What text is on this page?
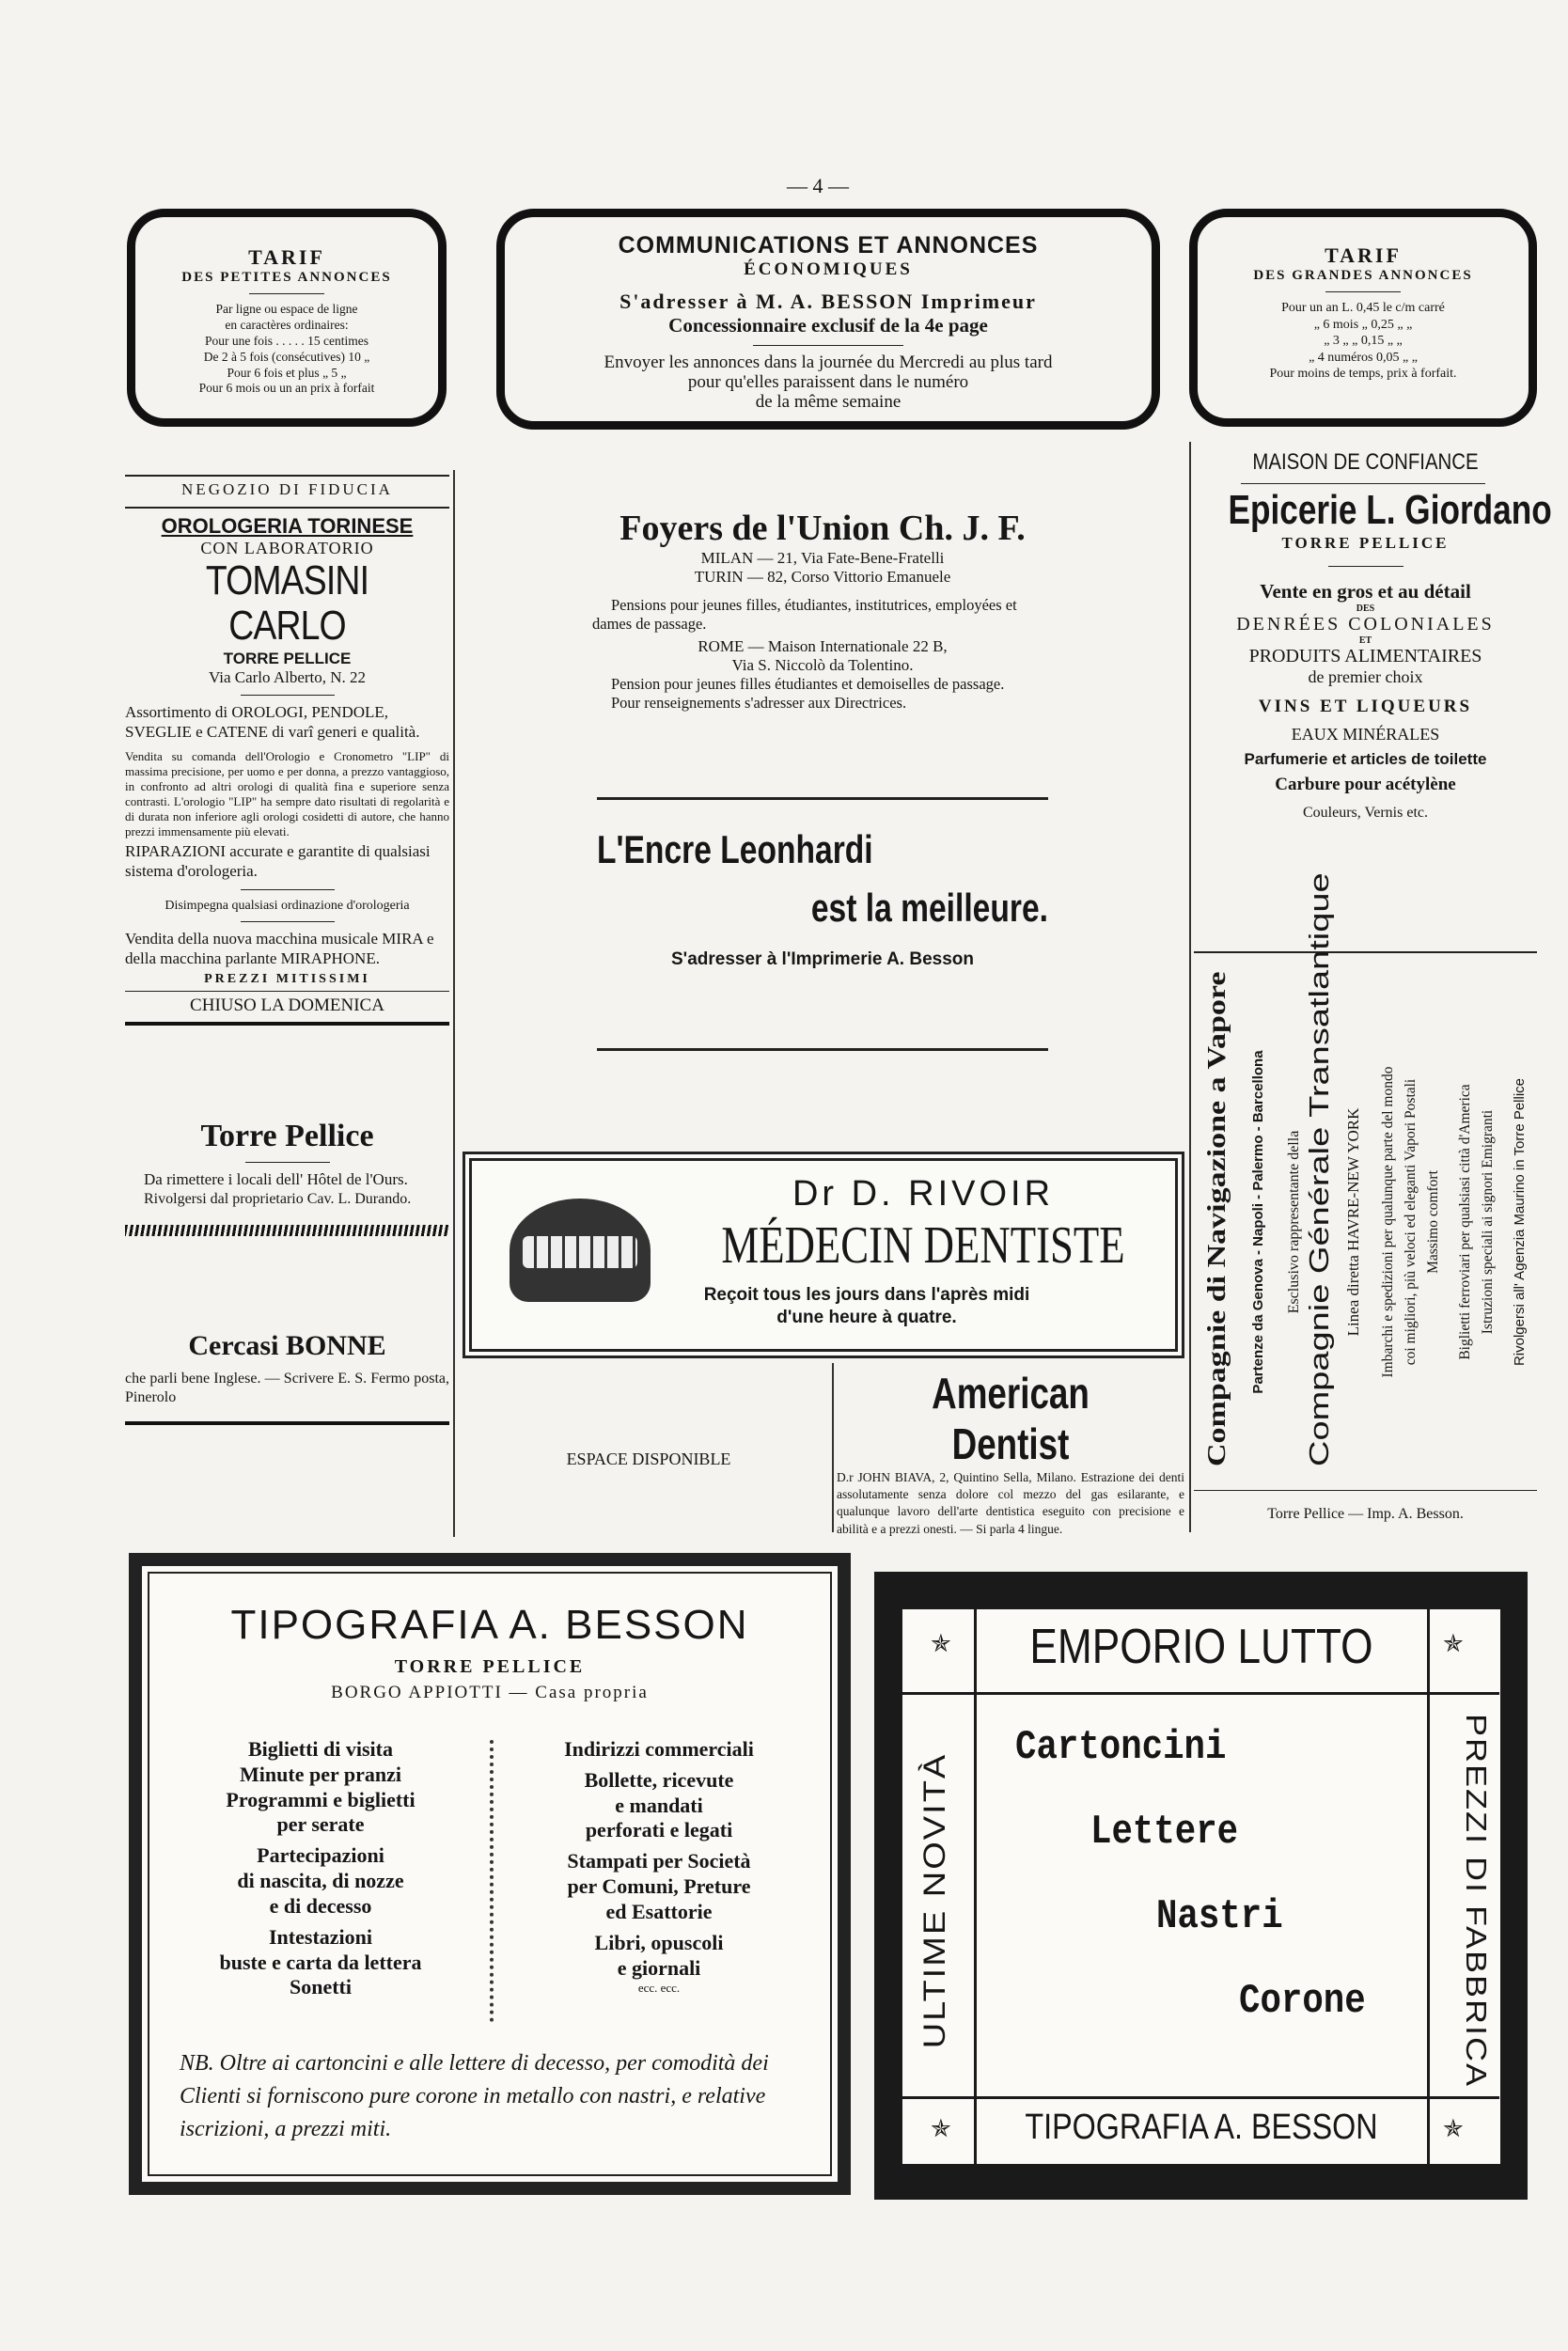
— 4 —
TARIF
DES PETITES ANNONCES
Par ligne ou espace de ligne
en caractères ordinaires:
Pour une fois . . . . . 15 centimes
De 2 à 5 fois (consécutives) 10 „
Pour 6 fois et plus „ 5 „
Pour 6 mois ou un an prix à forfait
COMMUNICATIONS ET ANNONCES
ÉCONOMIQUES
S'adresser à M. A. BESSON Imprimeur
Concessionnaire exclusif de la 4e page
Envoyer les annonces dans la journée du Mercredi au plus tard
pour qu'elles paraissent dans le numéro
de la même semaine
TARIF
DES GRANDES ANNONCES
Pour un an L. 0,45 le c/m carré
„ 6 mois „ 0,25 „ „
„ 3 „ „ 0,15 „ „
„ 4 numéros 0,05 „ „
Pour moins de temps, prix à forfait.
NEGOZIO DI FIDUCIA
OROLOGERIA TORINESE
CON LABORATORIO
TOMASINI CARLO
TORRE PELLICE
Via Carlo Alberto, N. 22

Assortimento di OROLOGI, PENDOLE, SVEGLIE e CATENE di varî generi e qualità.

Vendita su comanda dell'Orologio e Cronometro "LIP" di massima precisione, per uomo e per donna, a prezzo vantaggioso, in confronto ad altri orologi di qualità fina e superiore senza contrasti. L'orologio "LIP" ha sempre dato risultati di regolarità e di durata non inferiore agli orologi cosidetti di autore, che hanno prezzi immensamente più elevati.

RIPARAZIONI accurate e garantite di qualsiasi sistema d'orologeria.

Disimpegna qualsiasi ordinazione d'orologeria

Vendita della nuova macchina musicale MIRA e della macchina parlante MIRAPHONE.

PREZZI MITISSIMI
CHIUSO LA DOMENICA
Torre Pellice

Da rimettere i locali dell' Hôtel de l'Ours.

Rivolgersi dal proprietario Cav. L. Durando.

Cercasi BONNE

che parli bene Inglese. — Scrivere E. S. Fermo posta, Pinerolo

Foyers de l'Union Ch. J. F.
MILAN — 21, Via Fate-Bene-Fratelli
TURIN — 82, Corso Vittorio Emanuele

Pensions pour jeunes filles, étudiantes, institutrices, employées et dames de passage.

ROME — Maison Internationale 22 B,
Via S. Niccolò da Tolentino.

Pension pour jeunes filles étudiantes et demoiselles de passage.

Pour renseignements s'adresser aux Directrices.

L'Encre Leonhardi
est la meilleure.
S'adresser à l'Imprimerie A. Besson
Dr D. RIVOIR
MÉDECIN DENTISTE
Reçoit tous les jours dans l'après midi
d'une heure à quatre.
ESPACE DISPONIBLE
American Dentist

D.r JOHN BIAVA, 2, Quintino Sella, Milano. Estrazione dei denti assolutamente senza dolore col mezzo del gas esilarante, e qualunque lavoro dell'arte dentistica eseguito con precisione e abilità e a prezzi onesti. — Si parla 4 lingue.

MAISON DE CONFIANCE
Epicerie L. Giordano
TORRE PELLICE
Vente en gros et au détail
DES
DENRÉES COLONIALES
ET
PRODUITS ALIMENTAIRES
de premier choix
VINS ET LIQUEURS
EAUX MINÉRALES
Parfumerie et articles de toilette
Carbure pour acétylène
Couleurs, Vernis etc.
Compagnie di Navigazione a Vapore Partenze da Genova - Napoli - Palermo - Barcellona Esclusivo rappresentante della Compagnie Générale Transatlantique Linea diretta HAVRE-NEW YORK Imbarchi e spedizioni per qualunque parte del mondo coi migliori, più veloci ed eleganti Vapori Postali Massimo comfort Biglietti ferroviari per qualsiasi città d'America Istruzioni speciali ai signori Emigranti Rivolgersi all' Agenzia Maurino in Torre Pellice
Torre Pellice — Imp. A. Besson.
TIPOGRAFIA A. BESSON
TORRE PELLICE
BORGO APPIOTTI — Casa propria
Biglietti di visita
Minute per pranzi
Programmi e biglietti
per serate
Partecipazioni
di nascita, di nozze
e di decesso
Intestazioni
buste e carta da lettera
Sonetti
Indirizzi commerciali
Bollette, ricevute
e mandati
perforati e legati
Stampati per Società
per Comuni, Preture
ed Esattorie
Libri, opuscoli
e giornali
ecc. ecc.

NB. Oltre ai cartoncini e alle lettere di decesso, per comodità dei Clienti si forniscono pure corone in metallo con nastri, e relative iscrizioni, a prezzi miti.

✯	✯
✯	✯
EMPORIO LUTTO
ULTIME NOVITÀ	PREZZI DI FABBRICA
Cartoncini
Lettere
Nastri
Corone
TIPOGRAFIA A. BESSON
